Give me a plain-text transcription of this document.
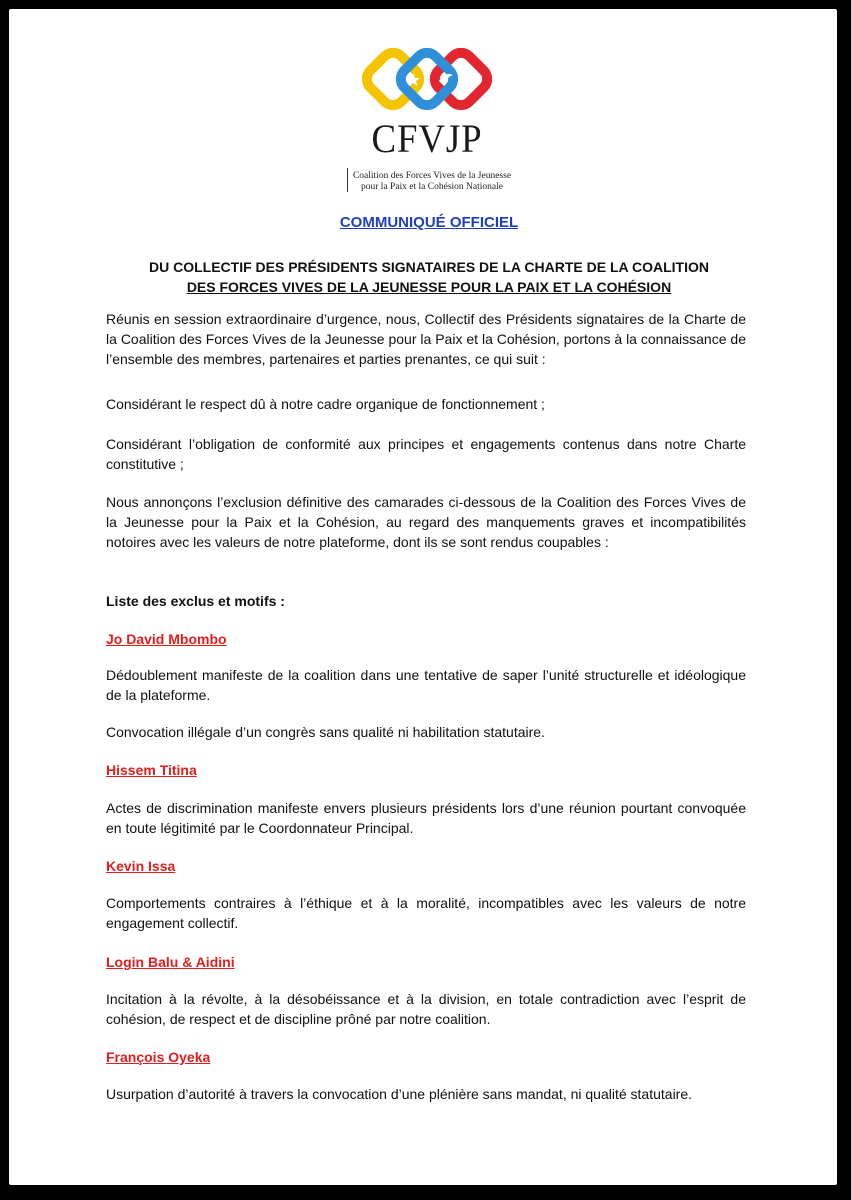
CFVJP
Coalition des Forces Vives de la Jeunesse
pour la Paix et la Cohésion Nationale
COMMUNIQUÉ OFFICIEL
DU COLLECTIF DES PRÉSIDENTS SIGNATAIRES DE LA CHARTE DE LA COALITION
DES FORCES VIVES DE LA JEUNESSE POUR LA PAIX ET LA COHÉSION
Réunis en session extraordinaire d’urgence, nous, Collectif des Présidents signataires de la Charte de la Coalition des Forces Vives de la Jeunesse pour la Paix et la Cohésion, portons à la connaissance de l’ensemble des membres, partenaires et parties prenantes, ce qui suit :
Considérant le respect dû à notre cadre organique de fonctionnement ;
Considérant l’obligation de conformité aux principes et engagements contenus dans notre Charte constitutive ;
Nous annonçons l’exclusion définitive des camarades ci-dessous de la Coalition des Forces Vives de la Jeunesse pour la Paix et la Cohésion, au regard des manquements graves et incompatibilités notoires avec les valeurs de notre plateforme, dont ils se sont rendus coupables :
Liste des exclus et motifs :
Jo David Mbombo
Dédoublement manifeste de la coalition dans une tentative de saper l’unité structurelle et idéologique de la plateforme.
Convocation illégale d’un congrès sans qualité ni habilitation statutaire.
Hissem Titina
Actes de discrimination manifeste envers plusieurs présidents lors d’une réunion pourtant convoquée en toute légitimité par le Coordonnateur Principal.
Kevin Issa
Comportements contraires à l’éthique et à la moralité, incompatibles avec les valeurs de notre engagement collectif.
Login Balu & Aidini
Incitation à la révolte, à la désobéissance et à la division, en totale contradiction avec l’esprit de cohésion, de respect et de discipline prôné par notre coalition.
François Oyeka
Usurpation d’autorité à travers la convocation d’une plénière sans mandat, ni qualité statutaire.
